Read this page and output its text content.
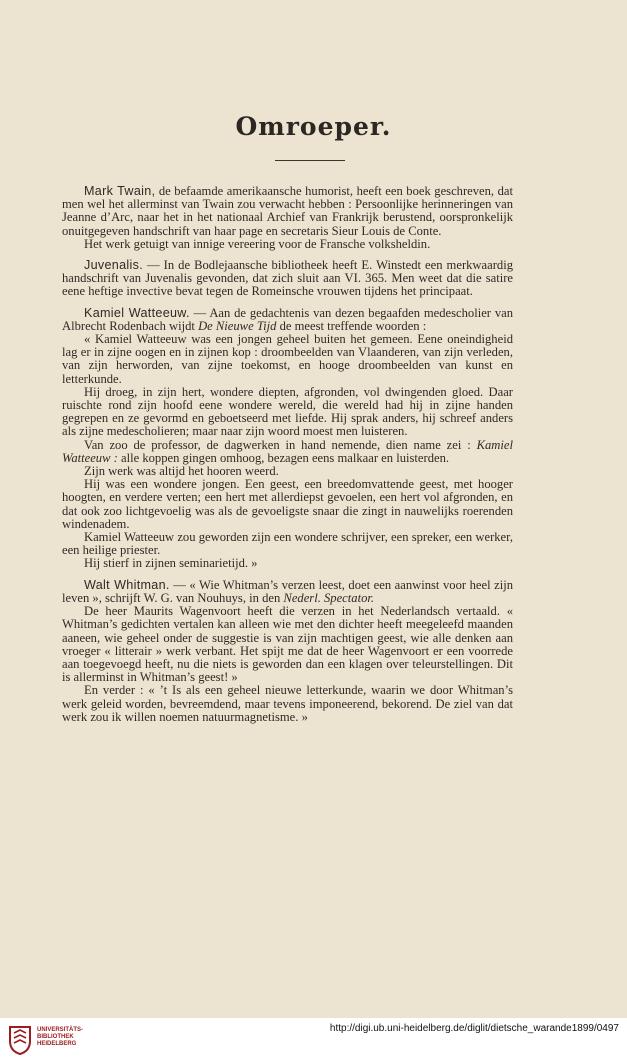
Omroeper.

Mark Twain, de befaamde amerikaansche humorist, heeft een boek geschreven, dat men wel het allerminst van Twain zou verwacht hebben : Persoonlijke herinneringen van Jeanne d’Arc, naar het in het nationaal Archief van Frankrijk berustend, oorspronkelijk onuitgegeven handschrift van haar page en secretaris Sieur Louis de Conte.

Het werk getuigt van innige vereering voor de Fransche volksheldin.

Juvenalis. — In de Bodlejaansche bibliotheek heeft E. Winstedt een merkwaardig handschrift van Juvenalis gevonden, dat zich sluit aan VI. 365. Men weet dat die satire eene heftige invective bevat tegen de Romeinsche vrouwen tijdens het principaat.

Kamiel Watteeuw. — Aan de gedachtenis van dezen begaafden medescholier van Albrecht Rodenbach wijdt De Nieuwe Tijd de meest treffende woorden :

« Kamiel Watteeuw was een jongen geheel buiten het gemeen. Eene oneindigheid lag er in zijne oogen en in zijnen kop : droombeelden van Vlaanderen, van zijn verleden, van zijn herworden, van zijne toekomst, en hooge droombeelden van kunst en letterkunde.

Hij droeg, in zijn hert, wondere diepten, afgronden, vol dwingenden gloed. Daar ruischte rond zijn hoofd eene wondere wereld, die wereld had hij in zijne handen gegrepen en ze gevormd en geboetseerd met liefde. Hij sprak anders, hij schreef anders als zijne medescholieren; maar naar zijn woord moest men luisteren.

Van zoo de professor, de dagwerken in hand nemende, dien name zei : Kamiel Watteeuw : alle koppen gingen omhoog, bezagen eens malkaar en luisterden.

Zijn werk was altijd het hooren weerd.

Hij was een wondere jongen. Een geest, een breedomvattende geest, met hooger hoogten, en verdere verten; een hert met allerdiepst gevoelen, een hert vol afgronden, en dat ook zoo lichtgevoelig was als de gevoeligste snaar die zingt in nauwelijks roerenden windenadem.

Kamiel Watteeuw zou geworden zijn een wondere schrijver, een spreker, een werker, een heilige priester.

Hij stierf in zijnen seminarietijd. »

Walt Whitman. — « Wie Whitman’s verzen leest, doet een aanwinst voor heel zijn leven », schrijft W. G. van Nouhuys, in den Nederl. Spectator.

De heer Maurits Wagenvoort heeft die verzen in het Nederlandsch vertaald. « Whitman’s gedichten vertalen kan alleen wie met den dichter heeft meegeleefd maanden aaneen, wie geheel onder de suggestie is van zijn machtigen geest, wie alle denken aan vroeger « litterair » werk verbant. Het spijt me dat de heer Wagenvoort er een voorrede aan toegevoegd heeft, nu die niets is geworden dan een klagen over teleurstellingen. Dit is allerminst in Whitman’s geest! »

En verder : « ’t Is als een geheel nieuwe letterkunde, waarin we door Whitman’s werk geleid worden, bevreemdend, maar tevens imponeerend, bekorend. De ziel van dat werk zou ik willen noemen natuurmagnetisme. »

UNIVERSITÄTS-
BIBLIOTHEK
HEIDELBERG
http://digi.ub.uni-heidelberg.de/diglit/dietsche_warande1899/0497
